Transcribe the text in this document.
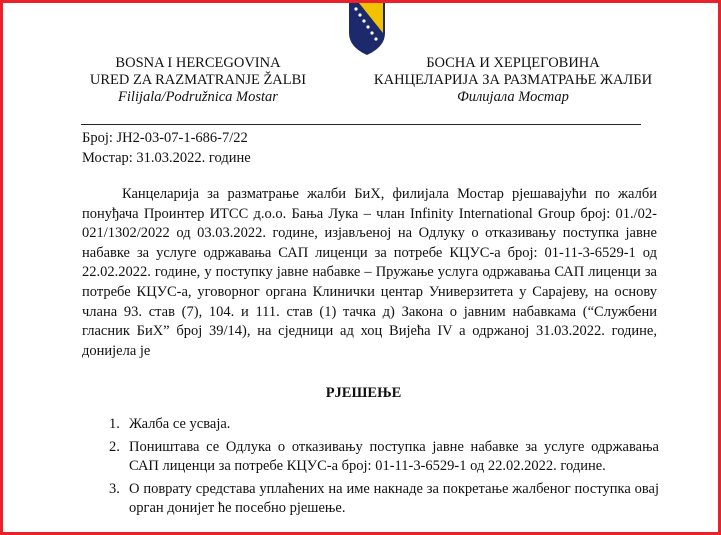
BOSNA I HERCEGOVINA
URED ZA RAZMATRANJE ŽALBI
Filijala/Podružnica Mostar
БОСНА И ХЕРЦЕГОВИНА
КАНЦЕЛАРИЈА ЗА РАЗМАТРАЊЕ ЖАЛБИ
Филијала Мостар
Број: ЈН2-03-07-1-686-7/22
Мостар: 31.03.2022. године
Канцеларија за разматрање жалби БиХ, филијала Мостар рјешавајући по жалби понуђача Проинтер ИТСС д.о.о. Бања Лука – члан Infinity International Group број: 01./02-021/1302/2022 од 03.03.2022. године, изјављеној на Одлуку о отказивању поступка јавне набавке за услуге одржавања САП лиценци за потребе КЦУС-а број: 01-11-3-6529-1 од 22.02.2022. године, у поступку јавне набавке – Пружање услуга одржавања САП лиценци за потребе КЦУС-а, уговорног органа Клинички центар Универзитета у Сарајеву, на основу члана 93. став (7), 104. и 111. став (1) тачка д) Закона о јавним набавкама (“Службени гласник БиХ” број 39/14), на сједници ад хоц Вијећа IV а одржаној 31.03.2022. године, донијела је
РЈЕШЕЊЕ
1. Жалба се усваја.
2. Поништава се Одлука о отказивању поступка јавне набавке за услуге одржавања САП лиценци за потребе КЦУС-а број: 01-11-3-6529-1 од 22.02.2022. године.
3. О поврату средстава уплаћених на име накнаде за покретање жалбеног поступка овај орган донијет ће посебно рјешење.
